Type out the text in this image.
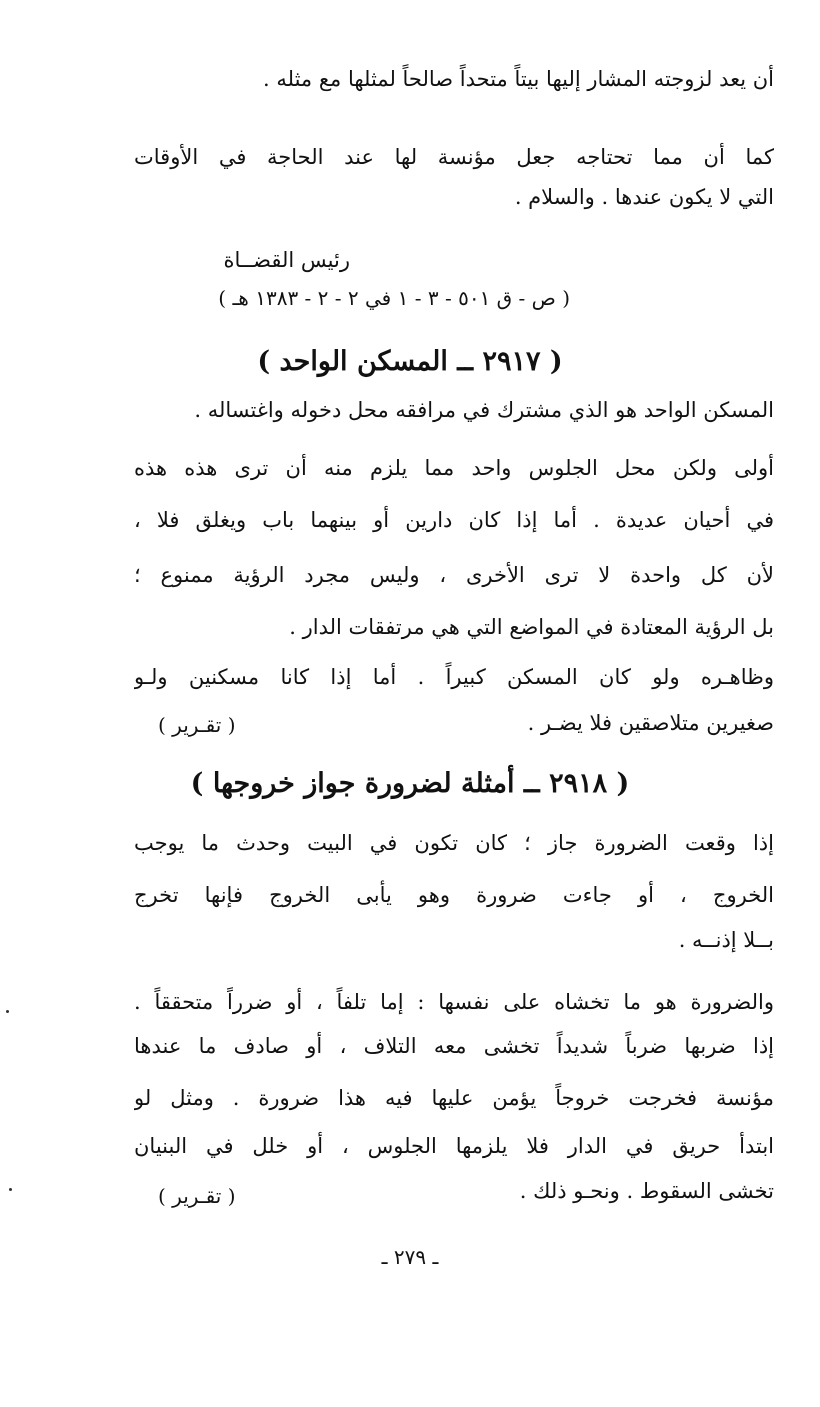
أن يعد لزوجته المشار إليها بيتاً متحداً صالحاً لمثلها مع مثله .
كما أن مما تحتاجه جعل مؤنسة لها عند الحاجة في الأوقات
التي لا يكون عندها . والسلام .
رئيس القضــاة
( ص - ق ٥٠١ - ٣ - ١ في ٢ - ٢ - ١٣٨٣ هـ )
( ٢٩١٧ ــ المسكن الواحد )
المسكن الواحد هو الذي مشترك في مرافقه محل دخوله واغتساله .
أولى ولكن محل الجلوس واحد مما يلزم منه أن ترى هذه هذه
في أحيان عديدة . أما إذا كان دارين أو بينهما باب ويغلق فلا ،
لأن كل واحدة لا ترى الأخرى ، وليس مجرد الرؤية ممنوع ؛
بل الرؤية المعتادة في المواضع التي هي مرتفقات الدار .
وظاهـره ولو كان المسكن كبيراً . أما إذا كانا مسكنين ولـو
صغيرين متلاصقين فلا يضـر .
( تقـرير )
( ٢٩١٨ ــ أمثلة لضرورة جواز خروجها )
إذا وقعت الضرورة جاز ؛ كان تكون في البيت وحدث ما يوجب
الخروج ، أو جاءت ضرورة وهو يأبى الخروج فإنها تخرج
بــلا إذنــه .
والضرورة هو ما تخشاه على نفسها : إما تلفاً ، أو ضرراً متحققاً .
إذا ضربها ضرباً شديداً تخشى معه التلاف ، أو صادف ما عندها
مؤنسة فخرجت خروجاً يؤمن عليها فيه هذا ضرورة . ومثل لو
ابتدأ حريق في الدار فلا يلزمها الجلوس ، أو خلل في البنيان
تخشى السقوط . ونحـو ذلك .
( تقـرير )
ـ ٢٧٩ ـ
